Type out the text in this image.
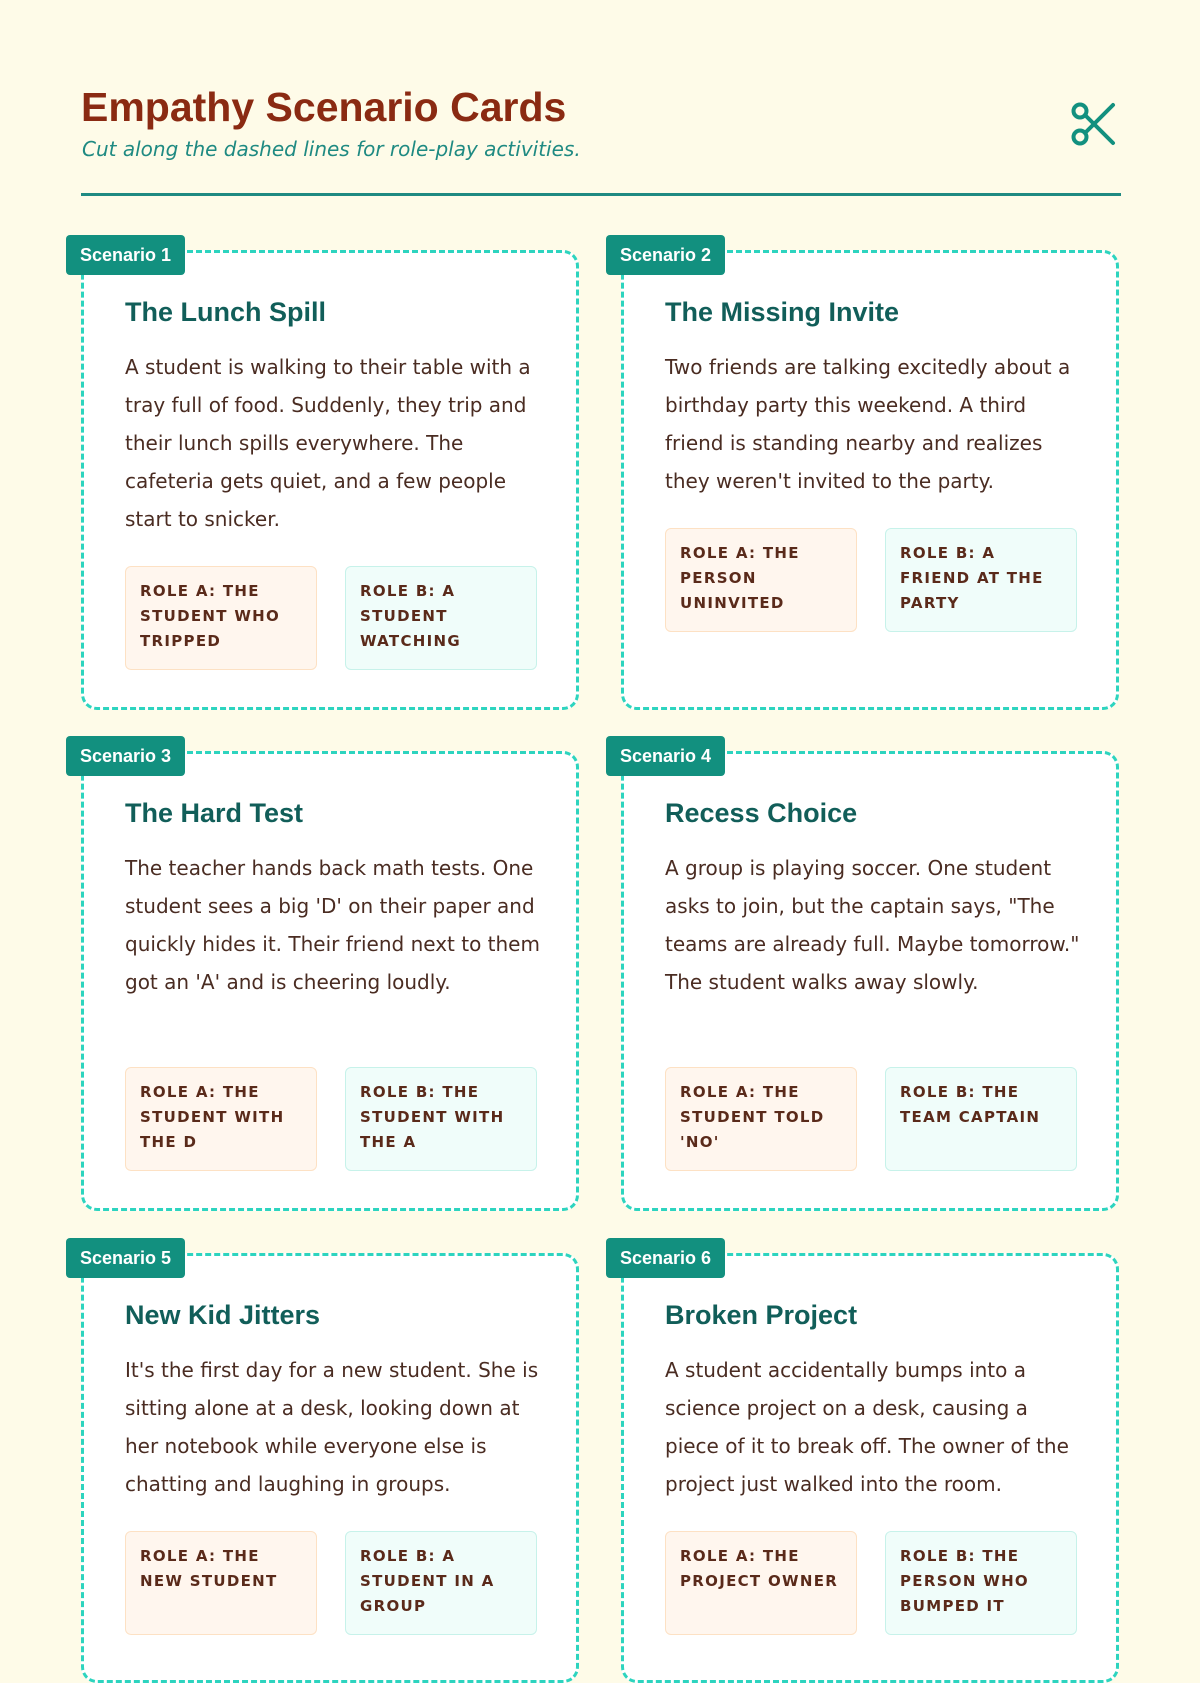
Empathy Scenario Cards

Cut along the dashed lines for role-play activities.

Scenario 1
The Lunch Spill

A student is walking to their table with a tray full of food. Suddenly, they trip and their lunch spills everywhere. The cafeteria gets quiet, and a few people start to snicker.

ROLE A: THE STUDENT WHO TRIPPED
ROLE B: A STUDENT WATCHING
Scenario 2
The Missing Invite

Two friends are talking excitedly about a birthday party this weekend. A third friend is standing nearby and realizes they weren't invited to the party.

ROLE A: THE PERSON UNINVITED
ROLE B: A FRIEND AT THE PARTY
Scenario 3
The Hard Test

The teacher hands back math tests. One student sees a big 'D' on their paper and quickly hides it. Their friend next to them got an 'A' and is cheering loudly.

ROLE A: THE STUDENT WITH THE D
ROLE B: THE STUDENT WITH THE A
Scenario 4
Recess Choice

A group is playing soccer. One student asks to join, but the captain says, "The teams are already full. Maybe tomorrow." The student walks away slowly.

ROLE A: THE STUDENT TOLD 'NO'
ROLE B: THE TEAM CAPTAIN
Scenario 5
New Kid Jitters

It's the first day for a new student. She is sitting alone at a desk, looking down at her notebook while everyone else is chatting and laughing in groups.

ROLE A: THE NEW STUDENT
ROLE B: A STUDENT IN A GROUP
Scenario 6
Broken Project

A student accidentally bumps into a science project on a desk, causing a piece of it to break off. The owner of the project just walked into the room.

ROLE A: THE PROJECT OWNER
ROLE B: THE PERSON WHO BUMPED IT
